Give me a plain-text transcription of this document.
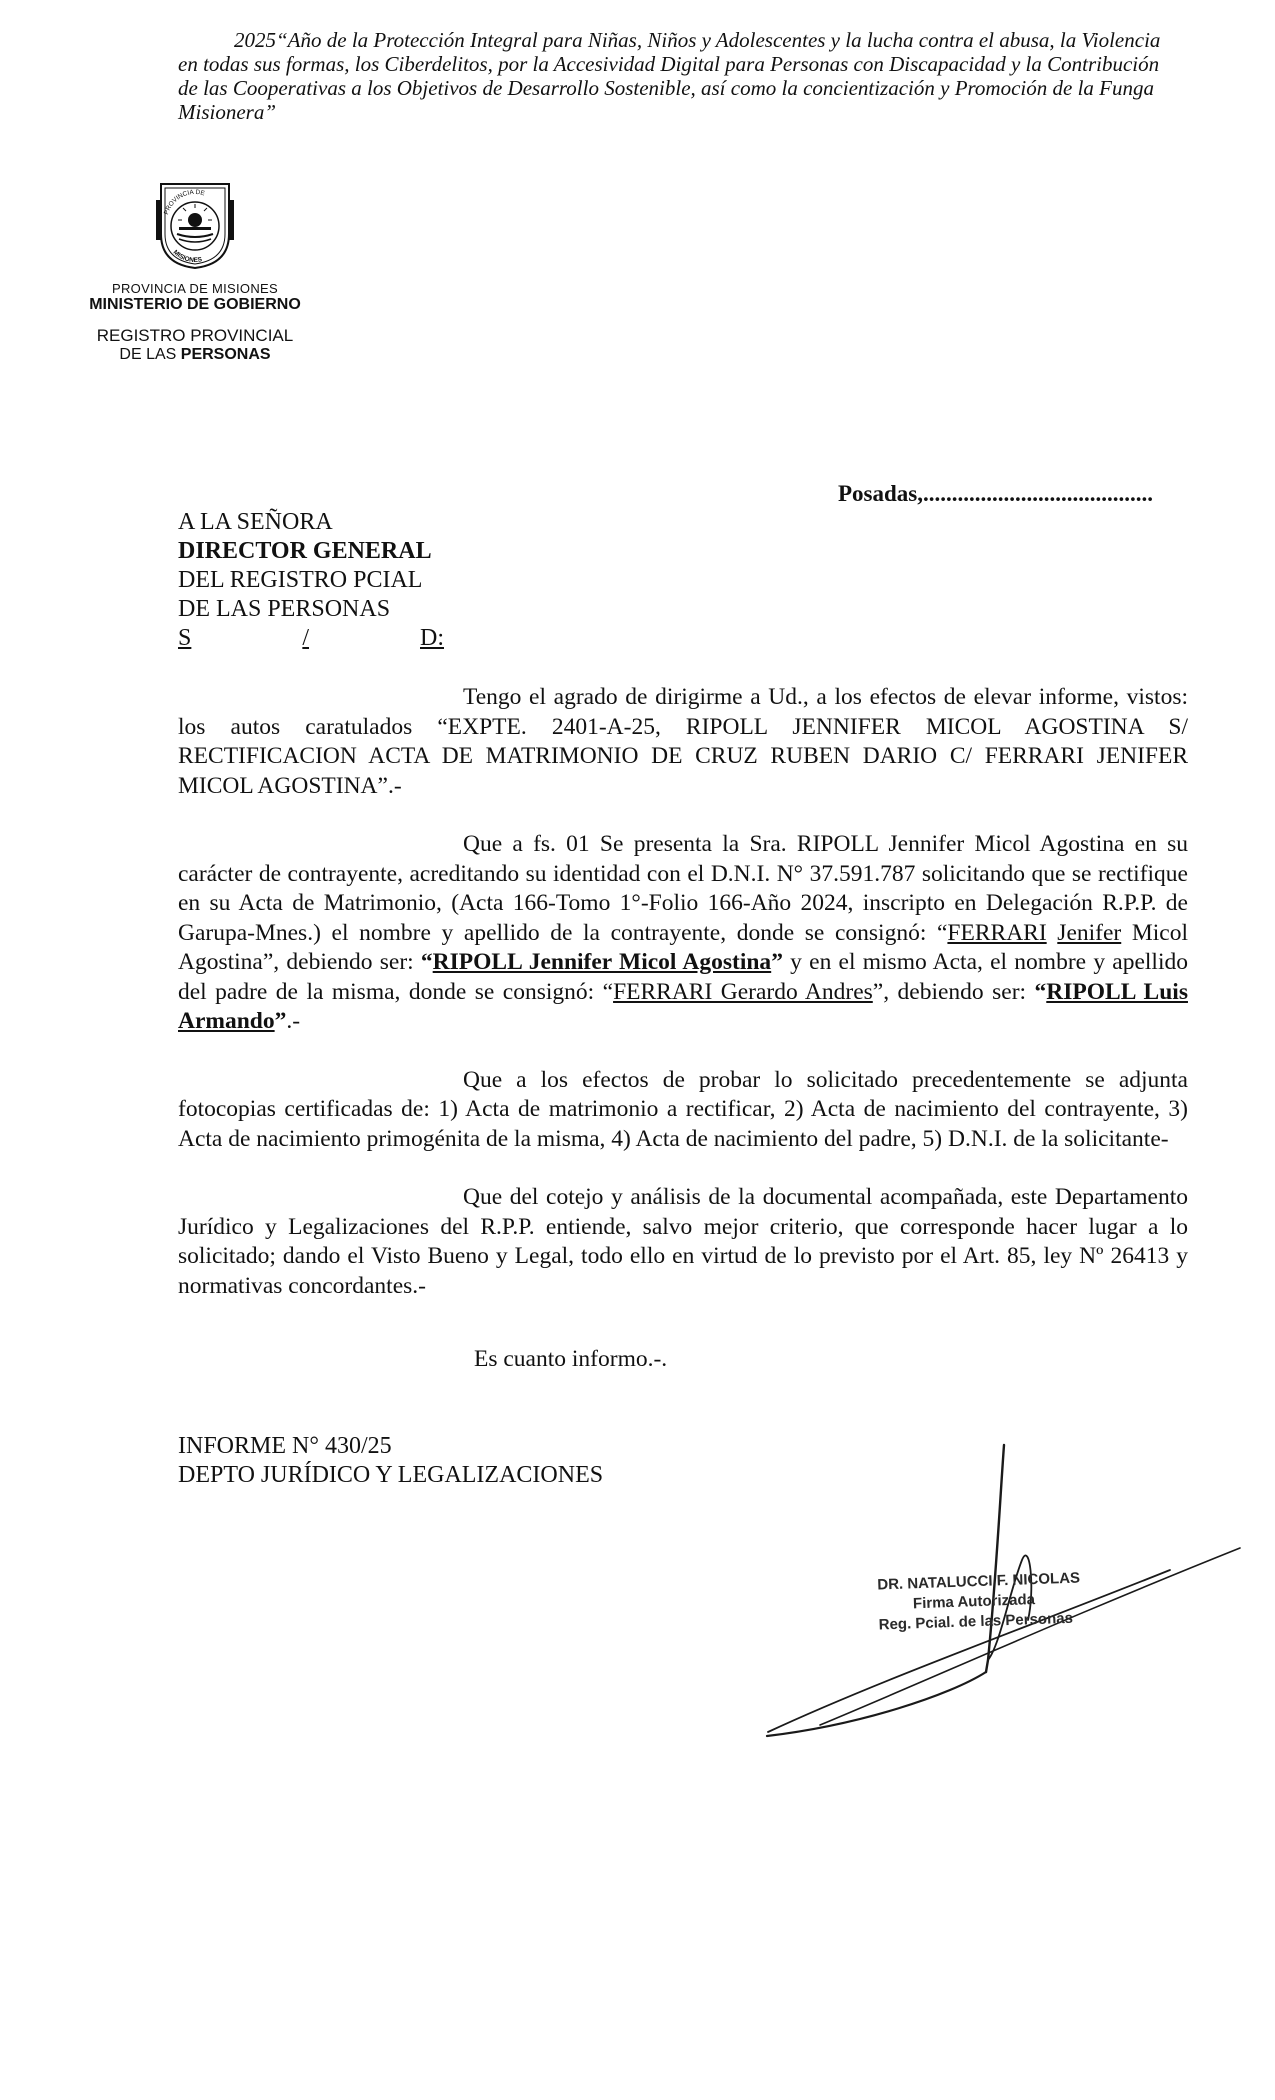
2025“Año de la Protección Integral para Niñas, Niños y Adolescentes y la lucha contra el abusa, la Violencia
en todas sus formas, los Ciberdelitos, por la Accesividad Digital para Personas con Discapacidad y la Contribución
de las Cooperativas a los Objetivos de Desarrollo Sostenible, así como la concientización y Promoción de la Funga
Misionera”
PROVINCIA DE
MISIONES
PROVINCIA DE MISIONES
MINISTERIO DE GOBIERNO
REGISTRO PROVINCIAL
DE LAS PERSONAS
Posadas,........................................
A LA SEÑORA
DIRECTOR GENERAL
DEL REGISTRO PCIAL
DE LAS PERSONAS
S	/	D:

Tengo el agrado de dirigirme a Ud., a los efectos de elevar informe, vistos: los autos caratulados “EXPTE. 2401-A-25, RIPOLL JENNIFER MICOL AGOSTINA S/ RECTIFICACION ACTA DE MATRIMONIO DE CRUZ RUBEN DARIO C/ FERRARI JENIFER MICOL AGOSTINA”.-

Que a fs. 01 Se presenta la Sra. RIPOLL Jennifer Micol Agostina en su carácter de contrayente, acreditando su identidad con el D.N.I. N° 37.591.787 solicitando que se rectifique en su Acta de Matrimonio, (Acta 166-Tomo 1°-Folio 166-Año 2024, inscripto en Delegación R.P.P. de Garupa-Mnes.) el nombre y apellido de la contrayente, donde se consignó: “FERRARI Jenifer Micol Agostina”, debiendo ser: “RIPOLL Jennifer Micol Agostina” y en el mismo Acta, el nombre y apellido del padre de la misma, donde se consignó: “FERRARI Gerardo Andres”, debiendo ser: “RIPOLL Luis Armando”.-

Que a los efectos de probar lo solicitado precedentemente se adjunta fotocopias certificadas de: 1) Acta de matrimonio a rectificar, 2) Acta de nacimiento del contrayente, 3) Acta de nacimiento primogénita de la misma, 4) Acta de nacimiento del padre, 5) D.N.I. de la solicitante-

Que del cotejo y análisis de la documental acompañada, este Departamento Jurídico y Legalizaciones del R.P.P. entiende, salvo mejor criterio, que corresponde hacer lugar a lo solicitado; dando el Visto Bueno y Legal, todo ello en virtud de lo previsto por el Art. 85, ley Nº 26413 y normativas concordantes.-

Es cuanto informo.-.
INFORME N° 430/25
DEPTO JURÍDICO Y LEGALIZACIONES
DR. NATALUCCI F. NICOLAS
Firma Autorizada
Reg. Pcial. de las Personas
